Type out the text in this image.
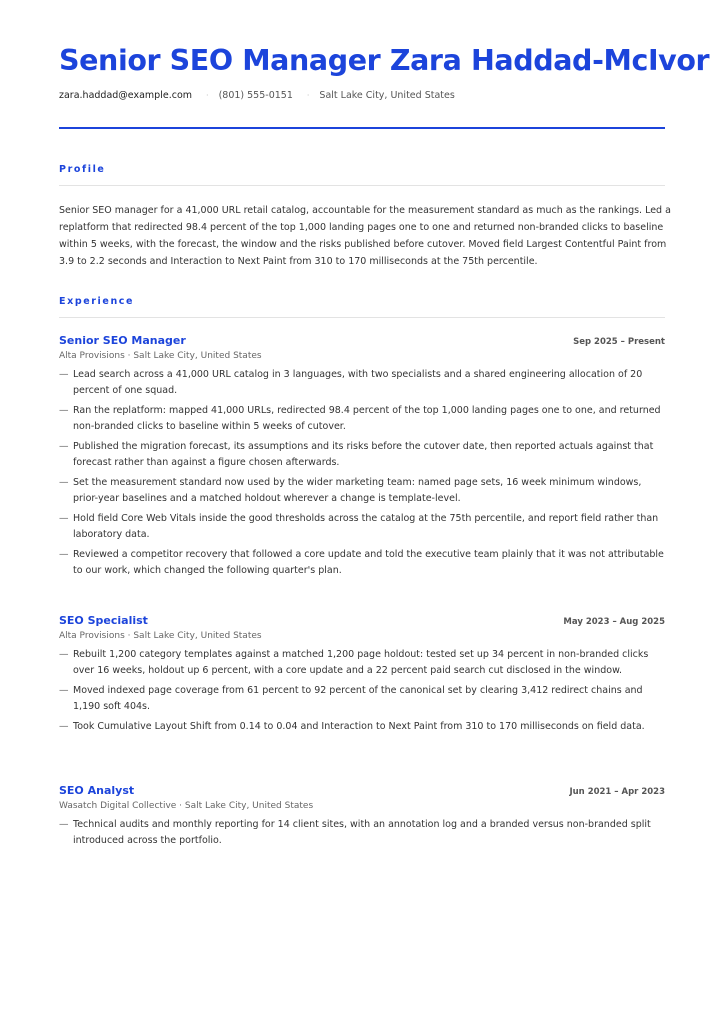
Senior SEO Manager Zara Haddad-McIvor
zara.haddad@example.com · (801) 555-0151 · Salt Lake City, United States
Profile

Senior SEO manager for a 41,000 URL retail catalog, accountable for the measurement standard as much as the rankings. Led a replatform that redirected 98.4 percent of the top 1,000 landing pages one to one and returned non-branded clicks to baseline within 5 weeks, with the forecast, the window and the risks published before cutover. Moved field Largest Contentful Paint from 3.9 to 2.2 seconds and Interaction to Next Paint from 310 to 170 milliseconds at the 75th percentile.

Experience
Senior SEO Manager	Sep 2025 – Present
Alta Provisions · Salt Lake City, United States
— Lead search across a 41,000 URL catalog in 3 languages, with two specialists and a shared engineering allocation of 20 percent of one squad.
— Ran the replatform: mapped 41,000 URLs, redirected 98.4 percent of the top 1,000 landing pages one to one, and returned non-branded clicks to baseline within 5 weeks of cutover.
— Published the migration forecast, its assumptions and its risks before the cutover date, then reported actuals against that forecast rather than against a figure chosen afterwards.
— Set the measurement standard now used by the wider marketing team: named page sets, 16 week minimum windows, prior-year baselines and a matched holdout wherever a change is template-level.
— Hold field Core Web Vitals inside the good thresholds across the catalog at the 75th percentile, and report field rather than laboratory data.
— Reviewed a competitor recovery that followed a core update and told the executive team plainly that it was not attributable to our work, which changed the following quarter's plan.
SEO Specialist	May 2023 – Aug 2025
Alta Provisions · Salt Lake City, United States
— Rebuilt 1,200 category templates against a matched 1,200 page holdout: tested set up 34 percent in non-branded clicks over 16 weeks, holdout up 6 percent, with a core update and a 22 percent paid search cut disclosed in the window.
— Moved indexed page coverage from 61 percent to 92 percent of the canonical set by clearing 3,412 redirect chains and 1,190 soft 404s.
— Took Cumulative Layout Shift from 0.14 to 0.04 and Interaction to Next Paint from 310 to 170 milliseconds on field data.
SEO Analyst	Jun 2021 – Apr 2023
Wasatch Digital Collective · Salt Lake City, United States
— Technical audits and monthly reporting for 14 client sites, with an annotation log and a branded versus non-branded split introduced across the portfolio.
